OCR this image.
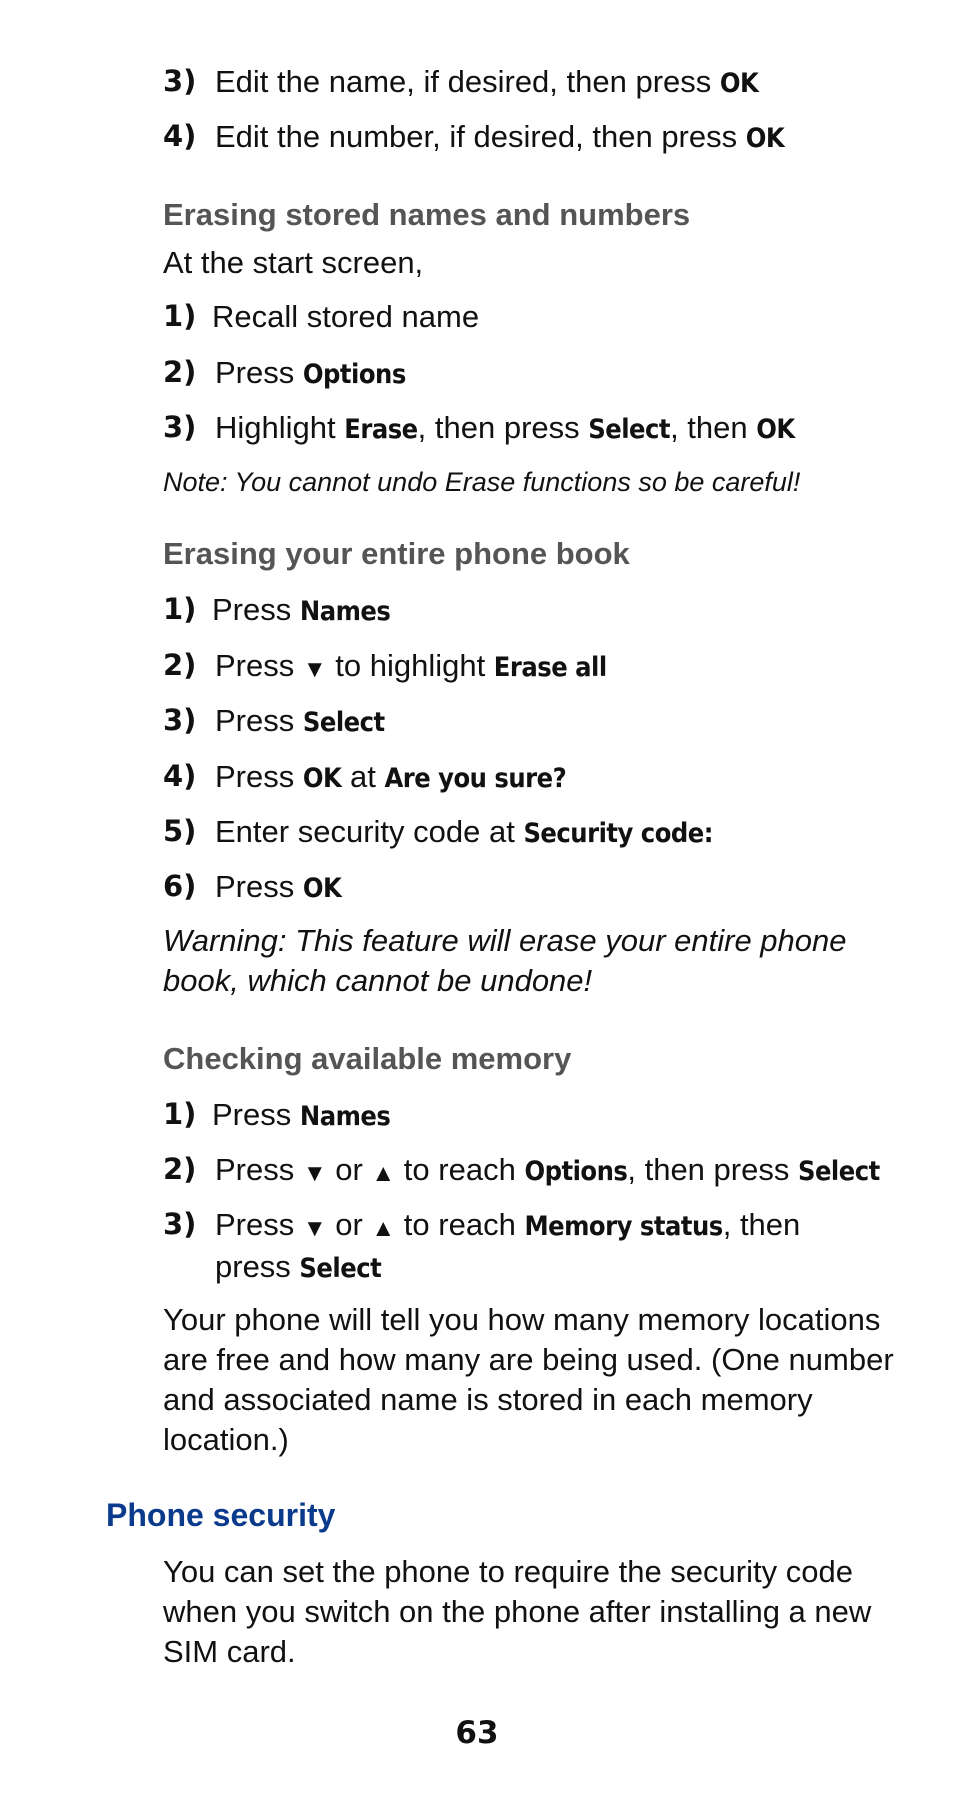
3) Edit the name, if desired, then press OK
4) Edit the number, if desired, then press OK
Erasing stored names and numbers
At the start screen,
1) Recall stored name
2) Press Options
3) Highlight Erase, then press Select, then OK
Note: You cannot undo Erase functions so be careful!
Erasing your entire phone book
1) Press Names
2) Press ▼ to highlight Erase all
3) Press Select
4) Press OK at Are you sure?
5) Enter security code at Security code:
6) Press OK
Warning: This feature will erase your entire phone book, which cannot be undone!
Checking available memory
1) Press Names
2) Press ▼ or ▲ to reach Options, then press Select
3) Press ▼ or ▲ to reach Memory status, then press Select
Your phone will tell you how many memory locations are free and how many are being used. (One number and associated name is stored in each memory location.)
Phone security
You can set the phone to require the security code when you switch on the phone after installing a new SIM card.
63
